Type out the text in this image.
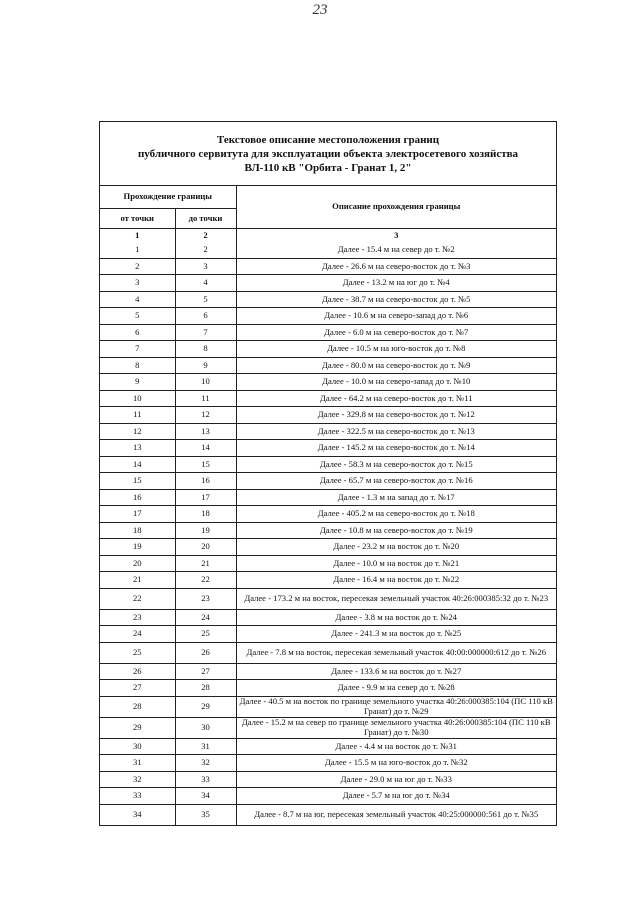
23
Текстовое описание местоположения границ
публичного сервитута для эксплуатации объекта электросетевого хозяйства
ВЛ-110 кВ "Орбита - Гранат 1, 2"
Прохождение границы		Описание прохождения границы
от точки	до точки	
1	2	3
1	2	Далее - 15.4 м на север до т. №2
2	3	Далее - 26.6 м на северо-восток до т. №3
3	4	Далее - 13.2 м на юг до т. №4
4	5	Далее - 38.7 м на северо-восток до т. №5
5	6	Далее - 10.6 м на северо-запад до т. №6
6	7	Далее - 6.0 м на северо-восток до т. №7
7	8	Далее - 10.5 м на юго-восток до т. №8
8	9	Далее - 80.0 м на северо-восток до т. №9
9	10	Далее - 10.0 м на северо-запад до т. №10
10	11	Далее - 64.2 м на северо-восток до т. №11
11	12	Далее - 329.8 м на северо-восток до т. №12
12	13	Далее - 322.5 м на северо-восток до т. №13
13	14	Далее - 145.2 м на северо-восток до т. №14
14	15	Далее - 58.3 м на северо-восток до т. №15
15	16	Далее - 65.7 м на северо-восток до т. №16
16	17	Далее - 1.3 м на запад до т. №17
17	18	Далее - 405.2 м на северо-восток до т. №18
18	19	Далее - 10.8 м на северо-восток до т. №19
19	20	Далее - 23.2 м на восток до т. №20
20	21	Далее - 10.0 м на восток до т. №21
21	22	Далее - 16.4 м на восток до т. №22
22	23	Далее - 173.2 м на восток, пересекая земельный участок 40:26:000385:32 до т. №23
23	24	Далее - 3.8 м на восток до т. №24
24	25	Далее - 241.3 м на восток до т. №25
25	26	Далее - 7.8 м на восток, пересекая земельный участок 40:00:000000:612 до т. №26
26	27	Далее - 133.6 м на восток до т. №27
27	28	Далее - 9.9 м на север до т. №28
28	29	Далее - 40.5 м на восток по границе земельного участка 40:26:000385:104 (ПС 110 кВ Гранат) до т. №29
29	30	Далее - 15.2 м на север по границе земельного участка 40:26:000385:104 (ПС 110 кВ Гранат) до т. №30
30	31	Далее - 4.4 м на восток до т. №31
31	32	Далее - 15.5 м на юго-восток до т. №32
32	33	Далее - 29.0 м на юг до т. №33
33	34	Далее - 5.7 м на юг до т. №34
34	35	Далее - 8.7 м на юг, пересекая земельный участок 40:25:000000:561 до т. №35
